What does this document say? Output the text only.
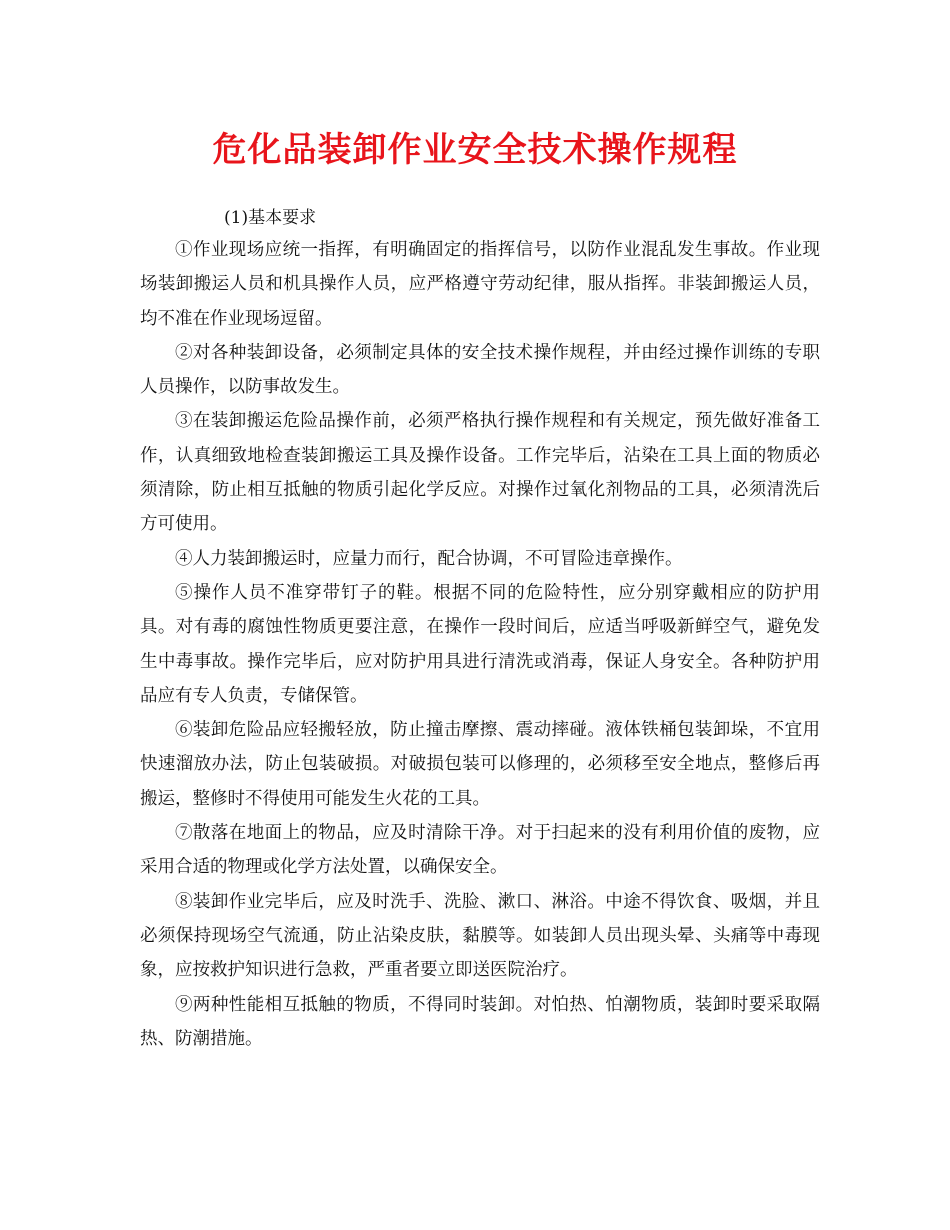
危化品装卸作业安全技术操作规程

(1)基本要求

①作业现场应统一指挥，有明确固定的指挥信号，以防作业混乱发生事故。作业现场装卸搬运人员和机具操作人员，应严格遵守劳动纪律，服从指挥。非装卸搬运人员，均不准在作业现场逗留。

②对各种装卸设备，必须制定具体的安全技术操作规程，并由经过操作训练的专职人员操作，以防事故发生。

③在装卸搬运危险品操作前，必须严格执行操作规程和有关规定，预先做好准备工作，认真细致地检查装卸搬运工具及操作设备。工作完毕后，沾染在工具上面的物质必须清除，防止相互抵触的物质引起化学反应。对操作过氧化剂物品的工具，必须清洗后方可使用。

④人力装卸搬运时，应量力而行，配合协调，不可冒险违章操作。

⑤操作人员不准穿带钉子的鞋。根据不同的危险特性，应分别穿戴相应的防护用具。对有毒的腐蚀性物质更要注意，在操作一段时间后，应适当呼吸新鲜空气，避免发生中毒事故。操作完毕后，应对防护用具进行清洗或消毒，保证人身安全。各种防护用品应有专人负责，专储保管。

⑥装卸危险品应轻搬轻放，防止撞击摩擦、震动摔碰。液体铁桶包装卸垛，不宜用快速溜放办法，防止包装破损。对破损包装可以修理的，必须移至安全地点，整修后再搬运，整修时不得使用可能发生火花的工具。

⑦散落在地面上的物品，应及时清除干净。对于扫起来的没有利用价值的废物，应采用合适的物理或化学方法处置，以确保安全。

⑧装卸作业完毕后，应及时洗手、洗脸、漱口、淋浴。中途不得饮食、吸烟，并且必须保持现场空气流通，防止沾染皮肤，黏膜等。如装卸人员出现头晕、头痛等中毒现象，应按救护知识进行急救，严重者要立即送医院治疗。

⑨两种性能相互抵触的物质，不得同时装卸。对怕热、怕潮物质，装卸时要采取隔热、防潮措施。
